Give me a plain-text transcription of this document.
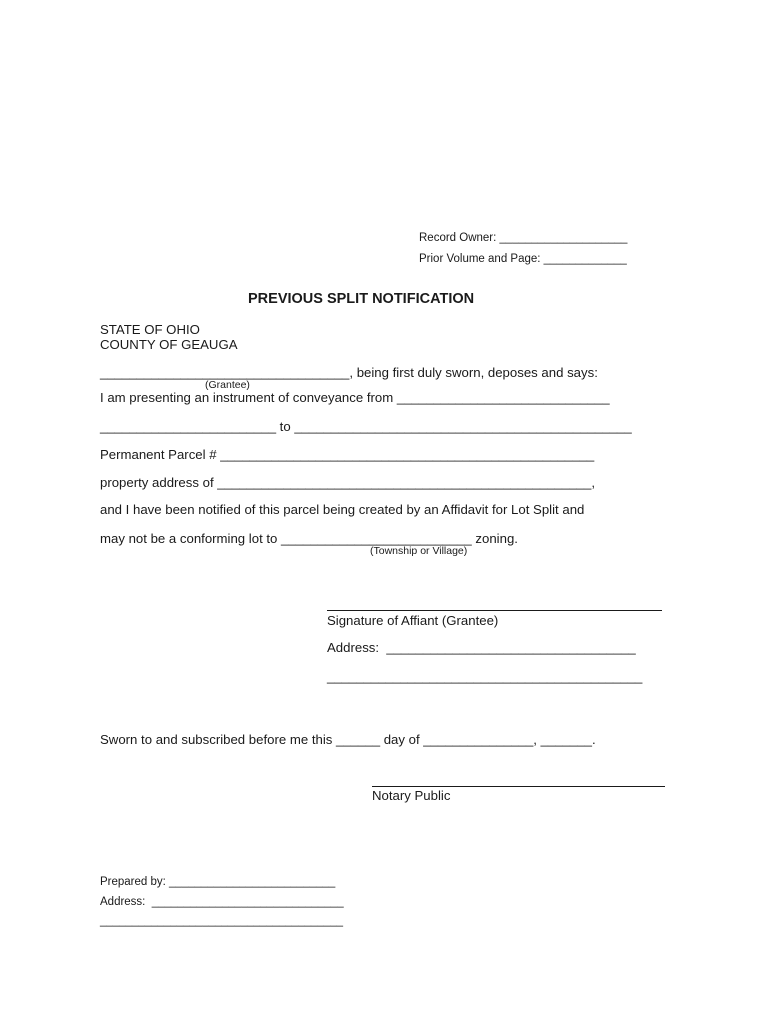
Record Owner: ____________________
Prior Volume and Page: _____________
PREVIOUS SPLIT NOTIFICATION
STATE OF OHIO
COUNTY OF GEAUGA
__________________________________, being first duly sworn, deposes and says:
(Grantee)
I am presenting an instrument of conveyance from _____________________________
________________________ to ______________________________________________
Permanent Parcel # ___________________________________________________
property address of ___________________________________________________,
and I have been notified of this parcel being created by an Affidavit for Lot Split and
may not be a conforming lot to __________________________ zoning.
(Township or Village)
Signature of Affiant (Grantee)
Address:  __________________________________
___________________________________________
Sworn to and subscribed before me this ______ day of _______________, _______.
Notary Public
Prepared by: __________________________
Address:  ______________________________
______________________________________
